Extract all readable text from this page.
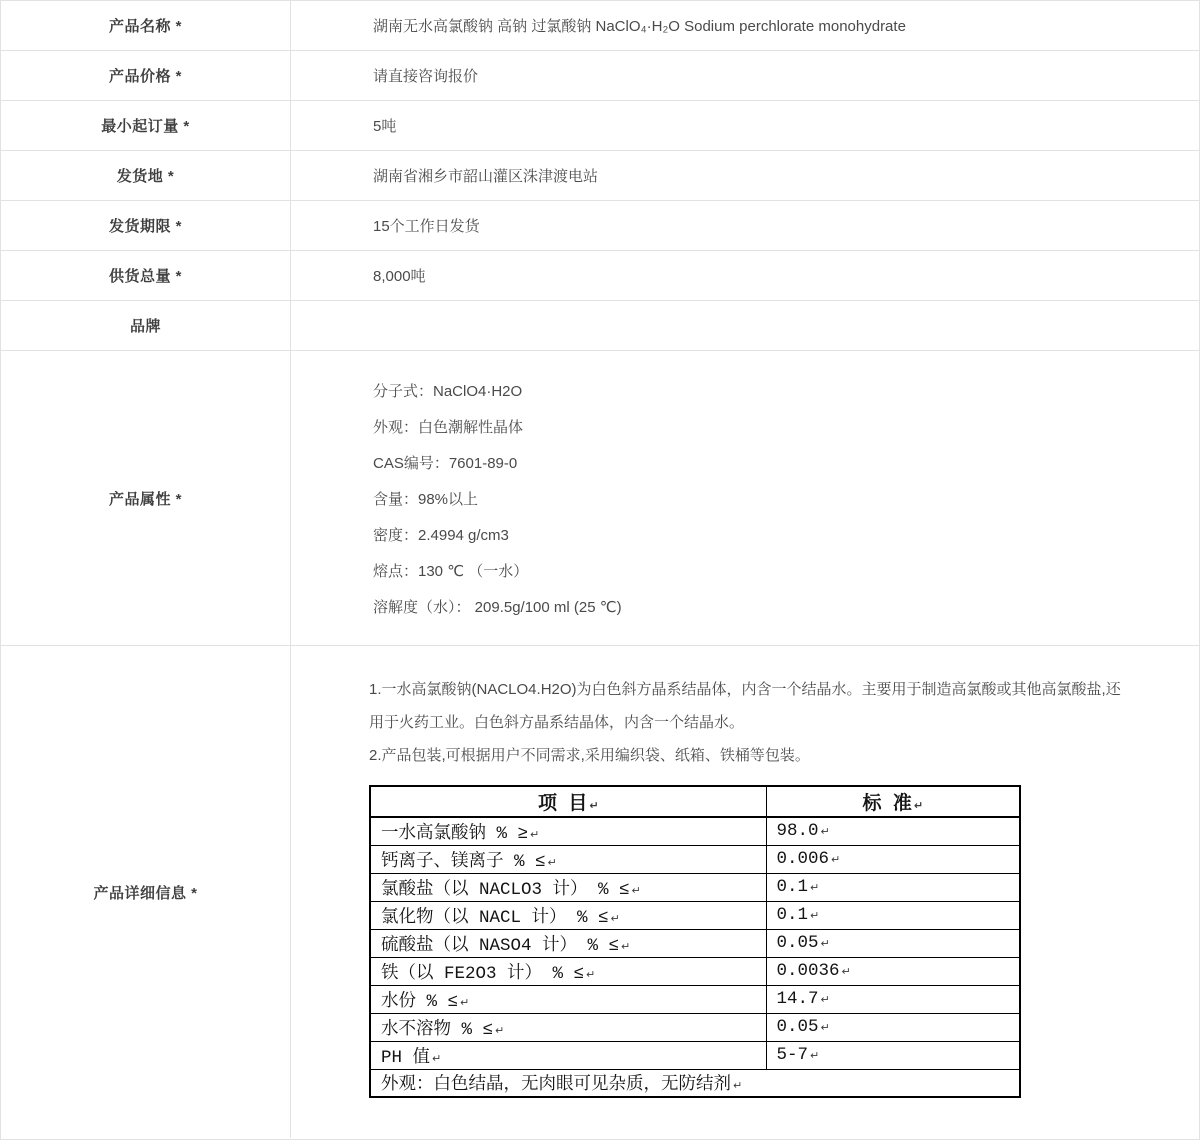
产品名称 *	湖南无水高氯酸钠 高钠 过氯酸钠 NaClO₄·H₂O Sodium perchlorate monohydrate
产品价格 *	请直接咨询报价
最小起订量 *	5吨
发货地 *	湖南省湘乡市韶山灌区洙津渡电站
发货期限 *	15个工作日发货
供货总量 *	8,000吨
品牌
产品属性 *
分子式：NaClO4·H2O
外观：白色潮解性晶体
CAS编号：7601-89-0
含量：98%以上
密度：2.4994 g/cm3
熔点：130 ℃ （一水）
溶解度（水）： 209.5g/100 ml (25 ℃)
产品详细信息 *
1.一水高氯酸钠(NACLO4.H2O)为白色斜方晶系结晶体，内含一个结晶水。主要用于制造高氯酸或其他高氯酸盐,还用于火药工业。白色斜方晶系结晶体，内含一个结晶水。
2.产品包装,可根据用户不同需求,采用编织袋、纸箱、铁桶等包装。
项 目 ↵	标 准 ↵
一水高氯酸钠 % ≥ ↵	98.0 ↵
钙离子、镁离子 % ≤ ↵	0.006 ↵
氯酸盐（以 NACLO3 计） % ≤ ↵	0.1 ↵
氯化物（以 NACL 计） % ≤ ↵	0.1 ↵
硫酸盐（以 NASO4 计） % ≤ ↵	0.05 ↵
铁（以 FE2O3 计） % ≤ ↵	0.0036 ↵
水份 % ≤ ↵	14.7 ↵
水不溶物 % ≤ ↵	0.05 ↵
PH 值 ↵	5-7 ↵
外观：白色结晶，无肉眼可见杂质，无防结剂 ↵	
